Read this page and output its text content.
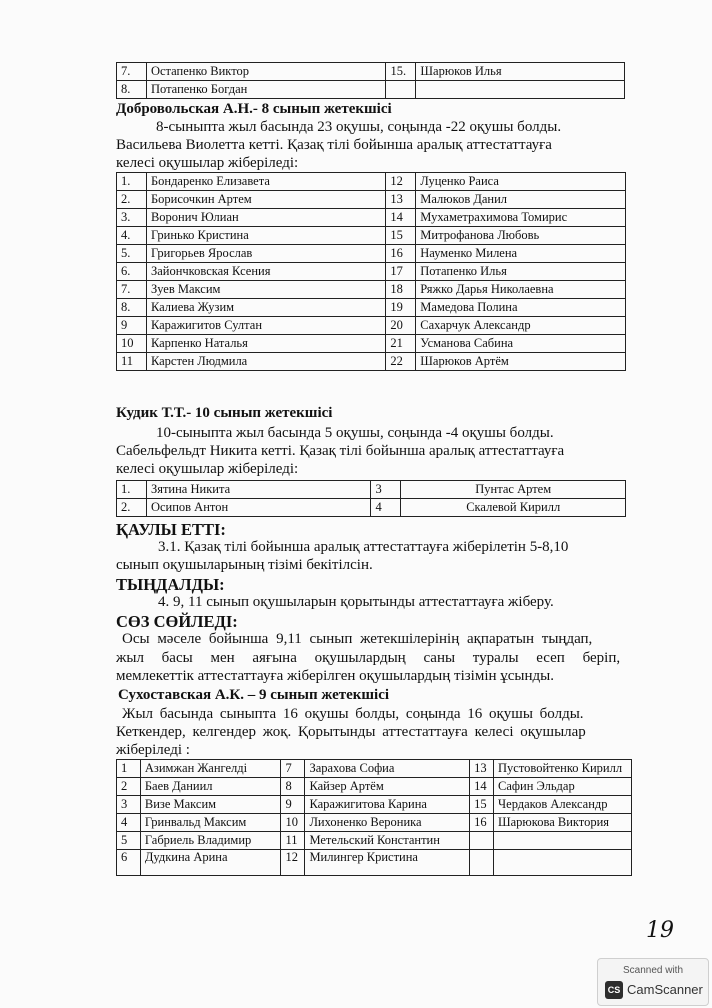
7.	Остапенко Виктор	15.	Шарюков Илья
8.	Потапенко Богдан		
Добровольская А.Н.- 8 сынып жетекшісі
8-сыныпта жыл басында 23 оқушы, соңында -22 оқушы болды.
Васильева Виолетта кетті. Қазақ тілі бойынша аралық аттестаттауға
келесі оқушылар жіберіледі:
1.	Бондаренко Елизавета	12	Луценко Раиса
2.	Борисочкин Артем	13	Малюков Данил
3.	Воронич Юлиан	14	Мухаметрахимова Томирис
4.	Гринько Кристина	15	Митрофанова Любовь
5.	Григорьев Ярослав	16	Науменко Милена
6.	Зайончковская Ксения	17	Потапенко Илья
7.	Зуев Максим	18	Ряжко Дарья Николаевна
8.	Калиева Жузим	19	Мамедова Полина
9	Каражигитов Султан	20	Сахарчук Александр
10	Карпенко Наталья	21	Усманова Сабина
11	Карстен Людмила	22	Шарюков Артём
Кудик Т.Т.- 10 сынып жетекшісі
10-сыныпта жыл басында 5 оқушы, соңында -4 оқушы болды.
Сабельфельдт Никита кетті. Қазақ тілі бойынша аралық аттестаттауға
келесі оқушылар жіберіледі:
1.	Зятина Никита	3	Пунтас Артем
2.	Осипов Антон	4	Скалевой Кирилл
ҚАУЛЫ ЕТТІ:
3.1. Қазақ тілі бойынша аралық аттестаттауға жіберілетін 5-8,10
сынып оқушыларының тізімі бекітілсін.
ТЫҢДАЛДЫ:
4. 9, 11 сынып оқушыларын қорытынды аттестаттауға жіберу.
СӨЗ СӨЙЛЕДІ:
Осы мәселе бойынша 9,11 сынып жетекшілерінің ақпаратын тыңдап,
жыл басы мен аяғына оқушылардың саны туралы есеп беріп,
мемлекеттік аттестаттауға жіберілген оқушылардың тізімін ұсынды.
Сухоставская А.К. – 9 сынып жетекшісі
Жыл басында сыныпта 16 оқушы болды, соңында 16 оқушы болды.
Кеткендер, келгендер жоқ. Қорытынды аттестаттауға келесі оқушылар
жіберіледі :
1	Азимжан Жангелді	7	Зарахова Софиа	13	Пустовойтенко Кирилл
2	Баев Даниил	8	Кайзер Артём	14	Сафин Эльдар
3	Визе Максим	9	Каражигитова Карина	15	Чердаков Александр
4	Гринвальд Максим	10	Лихоненко Вероника	16	Шарюкова Виктория
5	Габриель Владимир	11	Метельский Константин		
6	Дудкина Арина	12	Милингер Кристина		
19
Scanned with
CS CamScanner
